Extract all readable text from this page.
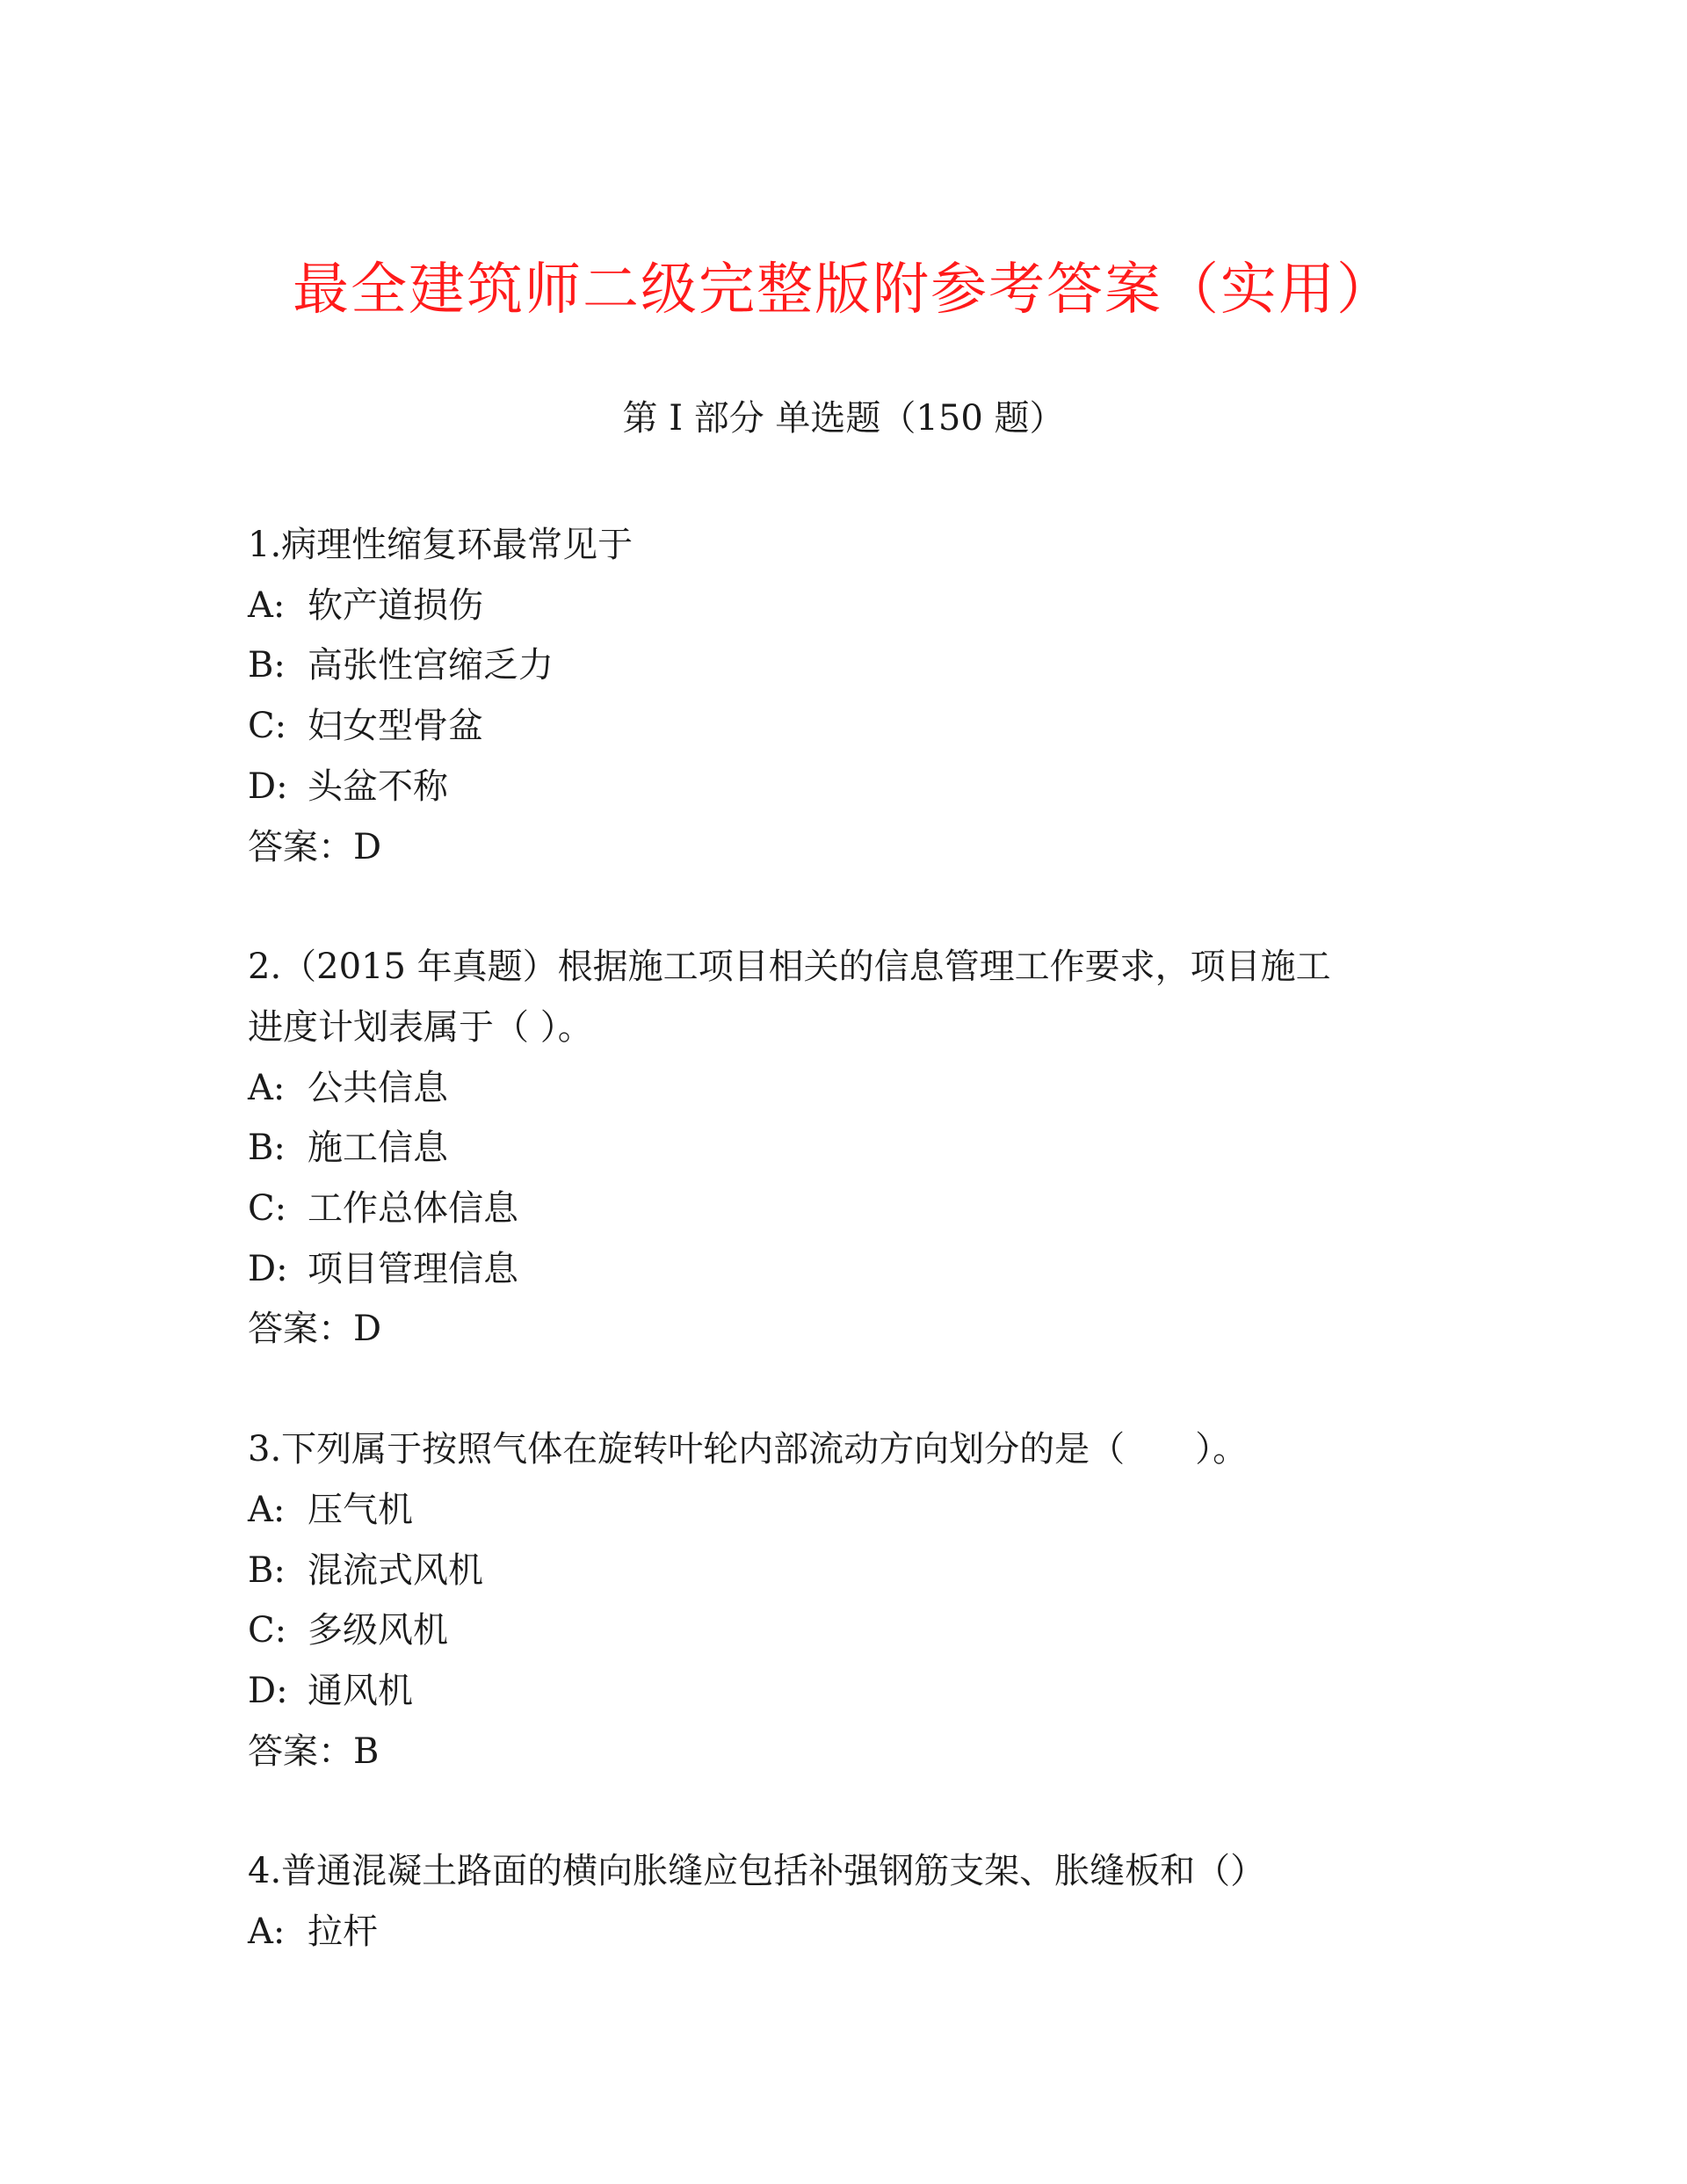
最全建筑师二级完整版附参考答案（实用）
第 I 部分 单选题（150 题）
1.病理性缩复环最常见于
A: 软产道损伤
B: 高张性宫缩乏力
C: 妇女型骨盆
D: 头盆不称
答案：D
2.（2015 年真题）根据施工项目相关的信息管理工作要求，项目施工
进度计划表属于（ ）。
A: 公共信息
B: 施工信息
C: 工作总体信息
D: 项目管理信息
答案：D
3.下列属于按照气体在旋转叶轮内部流动方向划分的是（　　）。
A: 压气机
B: 混流式风机
C: 多级风机
D: 通风机
答案：B
4.普通混凝土路面的横向胀缝应包括补强钢筋支架、胀缝板和（）
A: 拉杆
